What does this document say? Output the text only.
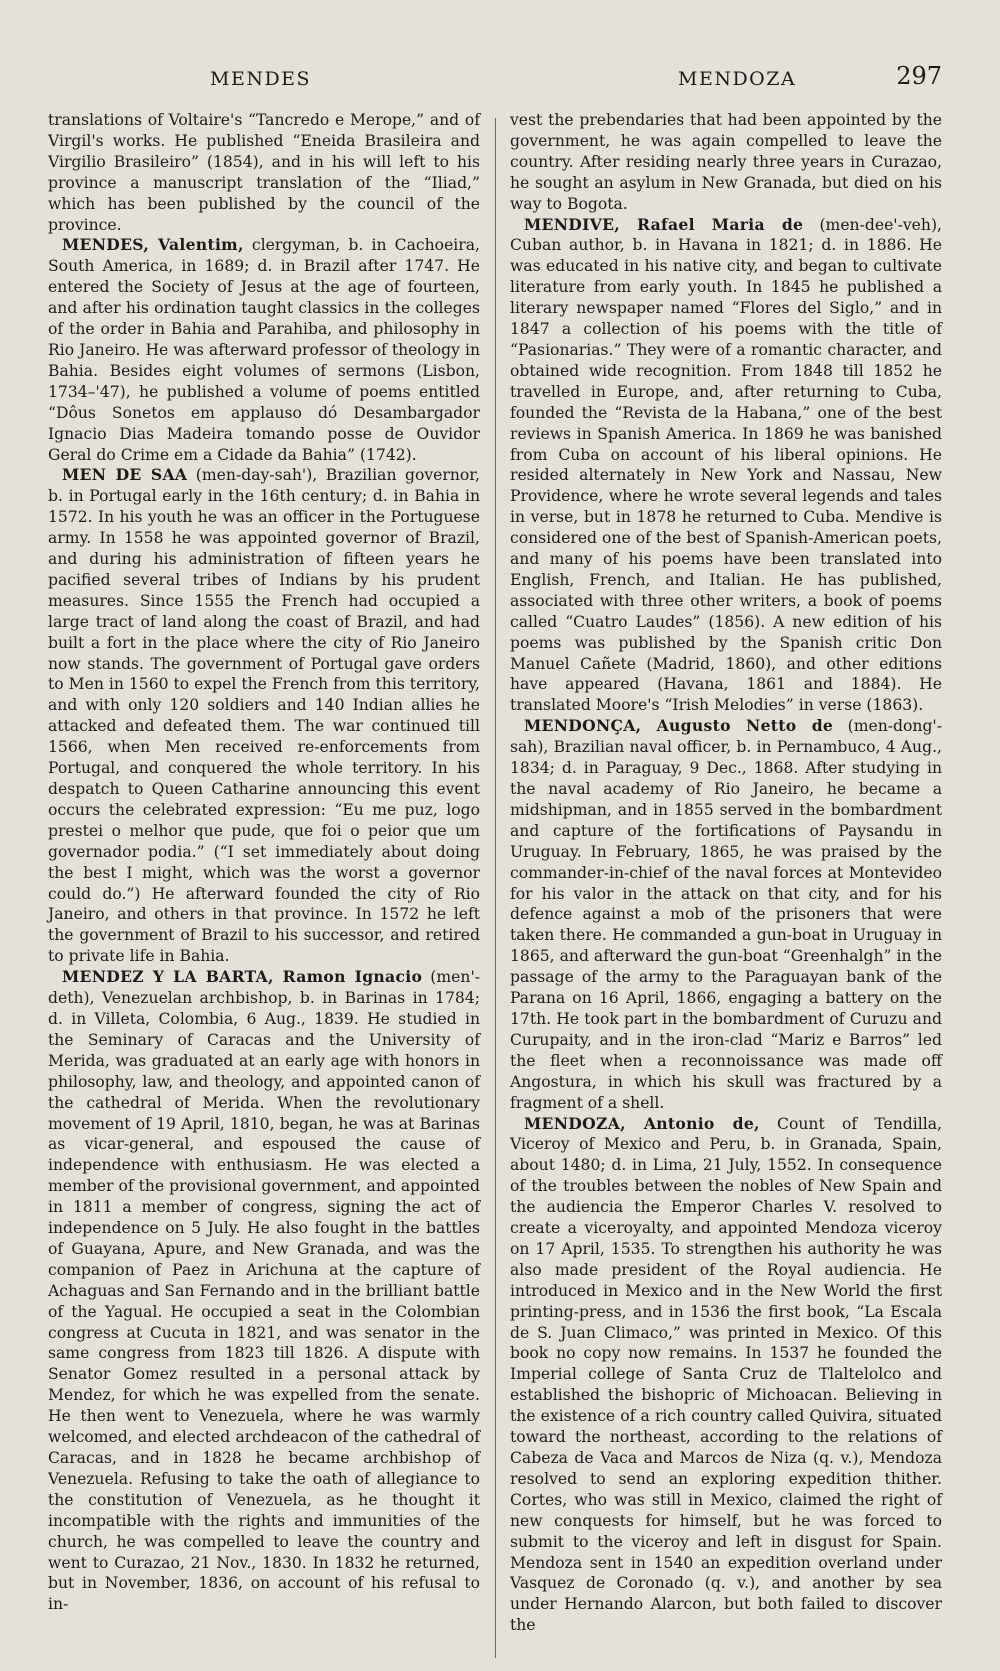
MENDES	MENDOZA	297

translations of Voltaire's “Tancredo e Merope,” and of Virgil's works. He published “Eneida Brasileira and Virgilio Brasileiro” (1854), and in his will left to his province a manuscript translation of the “Iliad,” which has been published by the council of the province.

MENDES, Valentim, clergyman, b. in Cachoeira, South America, in 1689; d. in Brazil after 1747. He entered the Society of Jesus at the age of fourteen, and after his ordination taught classics in the colleges of the order in Bahia and Parahiba, and philosophy in Rio Janeiro. He was afterward professor of theology in Bahia. Besides eight volumes of sermons (Lisbon, 1734–'47), he published a volume of poems entitled “Dôus Sonetos em applauso dó Desambargador Ignacio Dias Madeira tomando posse de Ouvidor Geral do Crime em a Cidade da Bahia” (1742).

MEN DE SAA (men-day-sah'), Brazilian governor, b. in Portugal early in the 16th century; d. in Bahia in 1572. In his youth he was an officer in the Portuguese army. In 1558 he was appointed governor of Brazil, and during his administration of fifteen years he pacified several tribes of Indians by his prudent measures. Since 1555 the French had occupied a large tract of land along the coast of Brazil, and had built a fort in the place where the city of Rio Janeiro now stands. The government of Portugal gave orders to Men in 1560 to expel the French from this territory, and with only 120 soldiers and 140 Indian allies he attacked and defeated them. The war continued till 1566, when Men received re-enforcements from Portugal, and conquered the whole territory. In his despatch to Queen Catharine announcing this event occurs the celebrated expression: “Eu me puz, logo prestei o melhor que pude, que foi o peior que um governador podia.” (“I set immediately about doing the best I might, which was the worst a governor could do.”) He afterward founded the city of Rio Janeiro, and others in that province. In 1572 he left the government of Brazil to his successor, and retired to private life in Bahia.

MENDEZ Y LA BARTA, Ramon Ignacio (men'-deth), Venezuelan archbishop, b. in Barinas in 1784; d. in Villeta, Colombia, 6 Aug., 1839. He studied in the Seminary of Caracas and the University of Merida, was graduated at an early age with honors in philosophy, law, and theology, and appointed canon of the cathedral of Merida. When the revolutionary movement of 19 April, 1810, began, he was at Barinas as vicar-general, and espoused the cause of independence with enthusiasm. He was elected a member of the provisional government, and appointed in 1811 a member of congress, signing the act of independence on 5 July. He also fought in the battles of Guayana, Apure, and New Granada, and was the companion of Paez in Arichuna at the capture of Achaguas and San Fernando and in the brilliant battle of the Yagual. He occupied a seat in the Colombian congress at Cucuta in 1821, and was senator in the same congress from 1823 till 1826. A dispute with Senator Gomez resulted in a personal attack by Mendez, for which he was expelled from the senate. He then went to Venezuela, where he was warmly welcomed, and elected archdeacon of the cathedral of Caracas, and in 1828 he became archbishop of Venezuela. Refusing to take the oath of allegiance to the constitution of Venezuela, as he thought it incompatible with the rights and immunities of the church, he was compelled to leave the country and went to Curazao, 21 Nov., 1830. In 1832 he returned, but in November, 1836, on account of his refusal to in-

vest the prebendaries that had been appointed by the government, he was again compelled to leave the country. After residing nearly three years in Curazao, he sought an asylum in New Granada, but died on his way to Bogota.

MENDIVE, Rafael Maria de (men-dee'-veh), Cuban author, b. in Havana in 1821; d. in 1886. He was educated in his native city, and began to cultivate literature from early youth. In 1845 he published a literary newspaper named “Flores del Siglo,” and in 1847 a collection of his poems with the title of “Pasionarias.” They were of a romantic character, and obtained wide recognition. From 1848 till 1852 he travelled in Europe, and, after returning to Cuba, founded the “Revista de la Habana,” one of the best reviews in Spanish America. In 1869 he was banished from Cuba on account of his liberal opinions. He resided alternately in New York and Nassau, New Providence, where he wrote several legends and tales in verse, but in 1878 he returned to Cuba. Mendive is considered one of the best of Spanish-American poets, and many of his poems have been translated into English, French, and Italian. He has published, associated with three other writers, a book of poems called “Cuatro Laudes” (1856). A new edition of his poems was published by the Spanish critic Don Manuel Cañete (Madrid, 1860), and other editions have appeared (Havana, 1861 and 1884). He translated Moore's “Irish Melodies” in verse (1863).

MENDONÇA, Augusto Netto de (men-dong'-sah), Brazilian naval officer, b. in Pernambuco, 4 Aug., 1834; d. in Paraguay, 9 Dec., 1868. After studying in the naval academy of Rio Janeiro, he became a midshipman, and in 1855 served in the bombardment and capture of the fortifications of Paysandu in Uruguay. In February, 1865, he was praised by the commander-in-chief of the naval forces at Montevideo for his valor in the attack on that city, and for his defence against a mob of the prisoners that were taken there. He commanded a gun-boat in Uruguay in 1865, and afterward the gun-boat “Greenhalgh” in the passage of the army to the Paraguayan bank of the Parana on 16 April, 1866, engaging a battery on the 17th. He took part in the bombardment of Curuzu and Curupaity, and in the iron-clad “Mariz e Barros” led the fleet when a reconnoissance was made off Angostura, in which his skull was fractured by a fragment of a shell.

MENDOZA, Antonio de, Count of Tendilla, Viceroy of Mexico and Peru, b. in Granada, Spain, about 1480; d. in Lima, 21 July, 1552. In consequence of the troubles between the nobles of New Spain and the audiencia the Emperor Charles V. resolved to create a viceroyalty, and appointed Mendoza viceroy on 17 April, 1535. To strengthen his authority he was also made president of the Royal audiencia. He introduced in Mexico and in the New World the first printing-press, and in 1536 the first book, “La Escala de S. Juan Climaco,” was printed in Mexico. Of this book no copy now remains. In 1537 he founded the Imperial college of Santa Cruz de Tlaltelolco and established the bishopric of Michoacan. Believing in the existence of a rich country called Quivira, situated toward the northeast, according to the relations of Cabeza de Vaca and Marcos de Niza (q. v.), Mendoza resolved to send an exploring expedition thither. Cortes, who was still in Mexico, claimed the right of new conquests for himself, but he was forced to submit to the viceroy and left in disgust for Spain. Mendoza sent in 1540 an expedition overland under Vasquez de Coronado (q. v.), and another by sea under Hernando Alarcon, but both failed to discover the
